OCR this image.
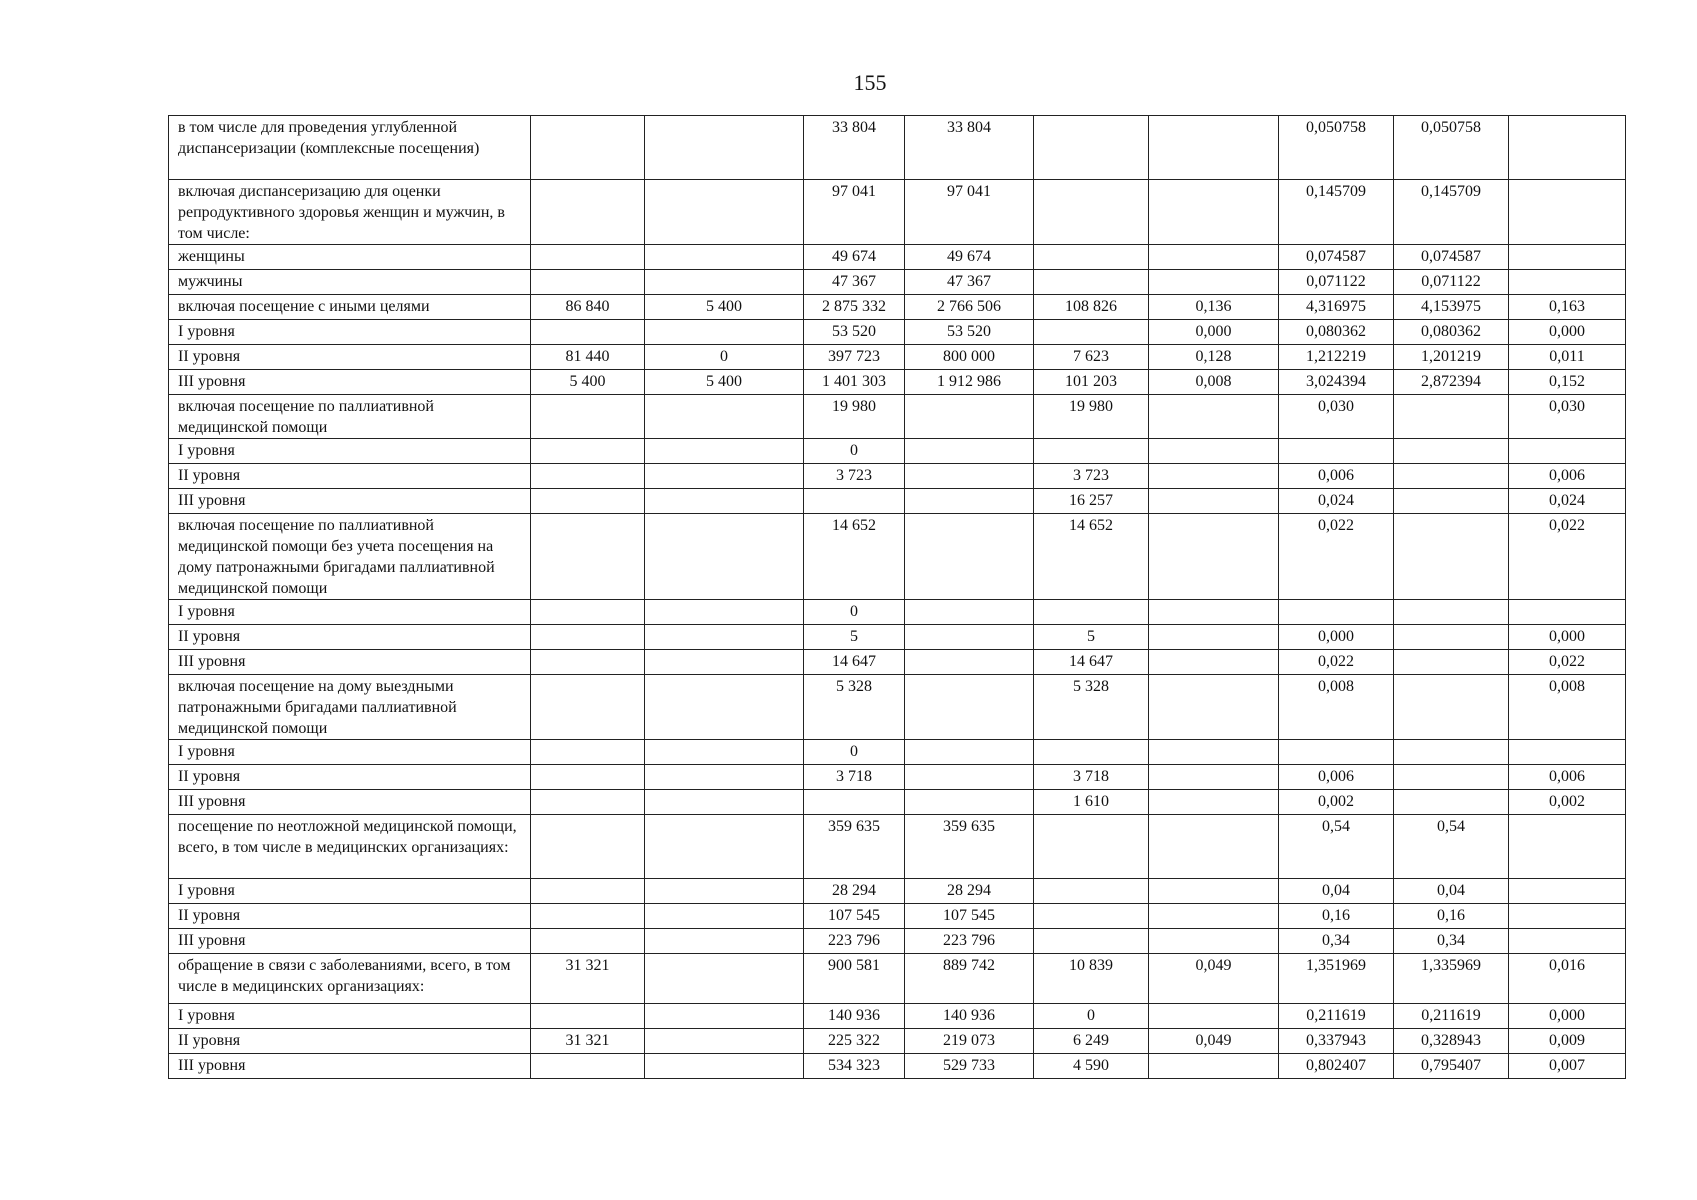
155
в том числе для проведения углубленной диспансеризации (комплексные посещения)			33 804	33 804			0,050758	0,050758	
включая диспансеризацию для оценки репродуктивного здоровья женщин и мужчин, в том числе:			97 041	97 041			0,145709	0,145709	
женщины			49 674	49 674			0,074587	0,074587	
мужчины			47 367	47 367			0,071122	0,071122	
включая посещение с иными целями	86 840	5 400	2 875 332	2 766 506	108 826	0,136	4,316975	4,153975	0,163
I уровня			53 520	53 520		0,000	0,080362	0,080362	0,000
II уровня	81 440	0	397 723	800 000	7 623	0,128	1,212219	1,201219	0,011
III уровня	5 400	5 400	1 401 303	1 912 986	101 203	0,008	3,024394	2,872394	0,152
включая посещение по паллиативной медицинской помощи			19 980		19 980		0,030		0,030
I уровня			0						
II уровня			3 723		3 723		0,006		0,006
III уровня					16 257		0,024		0,024
включая посещение по паллиативной медицинской помощи без учета посещения на дому патронажными бригадами паллиативной медицинской помощи			14 652		14 652		0,022		0,022
I уровня			0						
II уровня			5		5		0,000		0,000
III уровня			14 647		14 647		0,022		0,022
включая посещение на дому выездными патронажными бригадами паллиативной медицинской помощи			5 328		5 328		0,008		0,008
I уровня			0						
II уровня			3 718		3 718		0,006		0,006
III уровня					1 610		0,002		0,002
посещение по неотложной медицинской помощи, всего, в том числе в медицинских организациях:			359 635	359 635			0,54	0,54	
I уровня			28 294	28 294			0,04	0,04	
II уровня			107 545	107 545			0,16	0,16	
III уровня			223 796	223 796			0,34	0,34	
обращение в связи с заболеваниями, всего, в том числе в медицинских организациях:	31 321		900 581	889 742	10 839	0,049	1,351969	1,335969	0,016
I уровня			140 936	140 936	0		0,211619	0,211619	0,000
II уровня	31 321		225 322	219 073	6 249	0,049	0,337943	0,328943	0,009
III уровня			534 323	529 733	4 590		0,802407	0,795407	0,007
